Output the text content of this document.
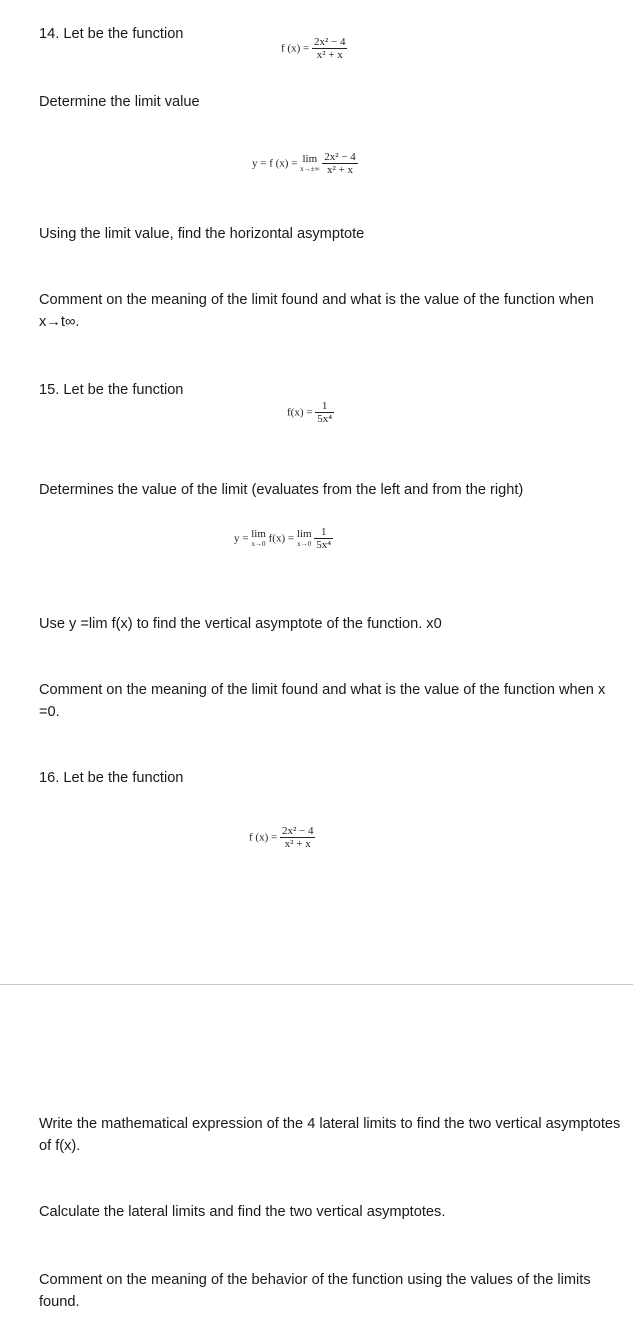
14. Let be the function
f $(x) = \frac{\text{2x² − 4}}{\text{x² + x}}$
Determine the limit value
y = f (x) = lim
x→±∞
$\frac{\text{2x² − 4}}{\text{x² + x}}$
Using the limit value, find the horizontal asymptote
Comment on the meaning of the limit found and what is the value of the function when x→t∞.
15. Let be the function
$f(x) = \frac{1}{\text{5x⁴}}$
Determines the value of the limit (evaluates from the left and from the right)
y = lim
x→0 f(x) = lim
x→0
$\frac{1}{\text{5x⁴}}$
Use y =lim f(x) to find the vertical asymptote of the function. x0
Comment on the meaning of the limit found and what is the value of the function when x =0.
16. Let be the function
f $(x) = \frac{\text{2x² − 4}}{\text{x² + x}}$
Write the mathematical expression of the 4 lateral limits to find the two vertical asymptotes of f(x).
Calculate the lateral limits and find the two vertical asymptotes.
Comment on the meaning of the behavior of the function using the values of the limits found.
